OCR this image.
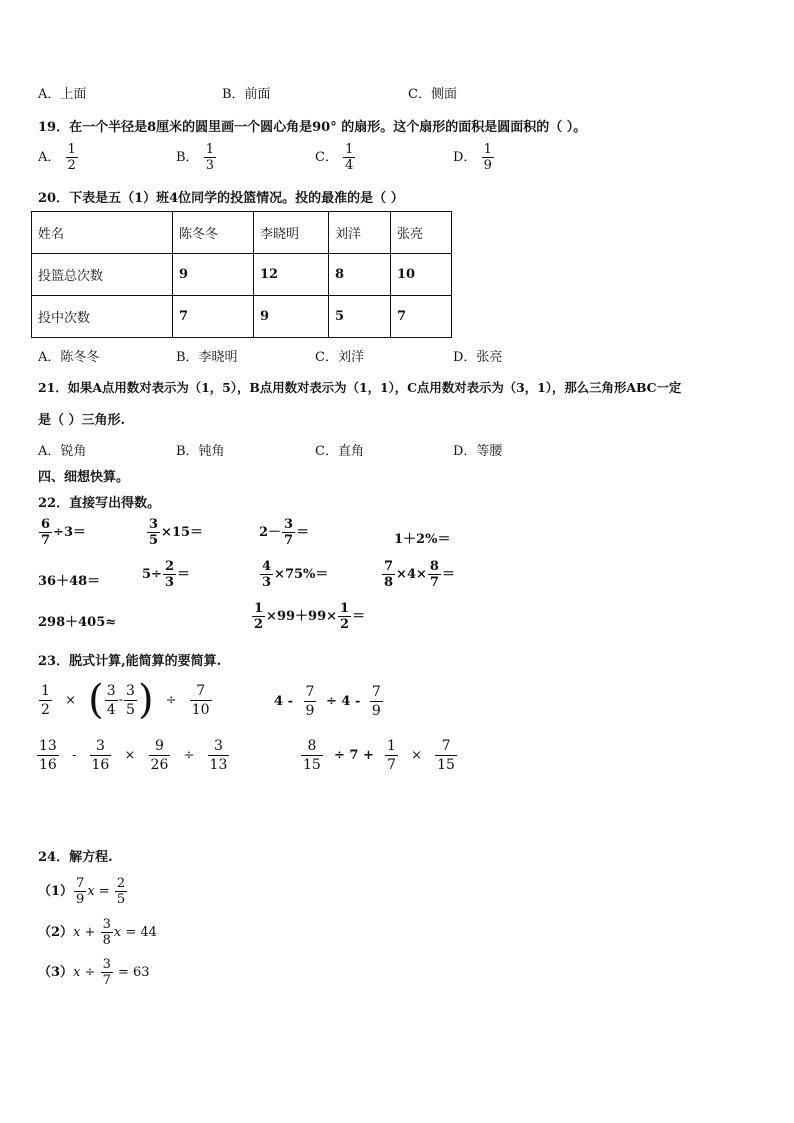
A．上面	B．前面	C．侧面
19．在一个半径是8厘米的圆里画一个圆心角是90° 的扇形。这个扇形的面积是圆面积的（ ）。
A． $\frac{1}{2}$	B． $\frac{1}{3}$	C． $\frac{1}{4}$	D． $\frac{1}{9}$
20．下表是五（1）班4位同学的投篮情况。投的最准的是（ ）
姓名	陈冬冬	李晓明	刘洋	张亮
投篮总次数	9	12	8	10
投中次数	7	9	5	7
A．陈冬冬	B．李晓明	C．刘洋	D．张亮
21．如果A点用数对表示为（1，5），B点用数对表示为（1，1），C点用数对表示为（3，1），那么三角形ABC一定
是（ ）三角形.
A．锐角	B．钝角	C．直角	D．等腰
四、细想快算。
22．直接写出得数。
$\frac{6}{7} \div 3=$	$\frac{3}{5} \times 15=$	$2- \frac{3}{7}$ ＝	1＋2%＝
36＋48＝	$5\div \frac{2}{3}$ ＝	$\frac{4}{3} \times 75\%=$	$\frac{7}{8} \times 4\times \frac{8}{7}$ ＝
298＋405≈	$\frac{1}{2} \times 99+99\times \frac{1}{2}$ ＝
23．脱式计算,能简算的要简算.
$\frac{1}{2}$ × ( $\frac{3}{4} - \frac{3}{5}$ ) ÷ $\frac{7}{10}$	$4 - \frac{7}{9} \div 4 - \frac{7}{9}$
$\frac{13}{16} - \frac{3}{16} \times \frac{9}{26} \div \frac{3}{13}$	$\frac{8}{15} \div 7 + \frac{1}{7} \times \frac{7}{15}$
24．解方程.
$(1) \frac{7}{9}$ $x = \frac{2}{5}$
$(2)x + \frac{3}{8}$ x = 44
$(3)x \div \frac{3}{7} = 63$
